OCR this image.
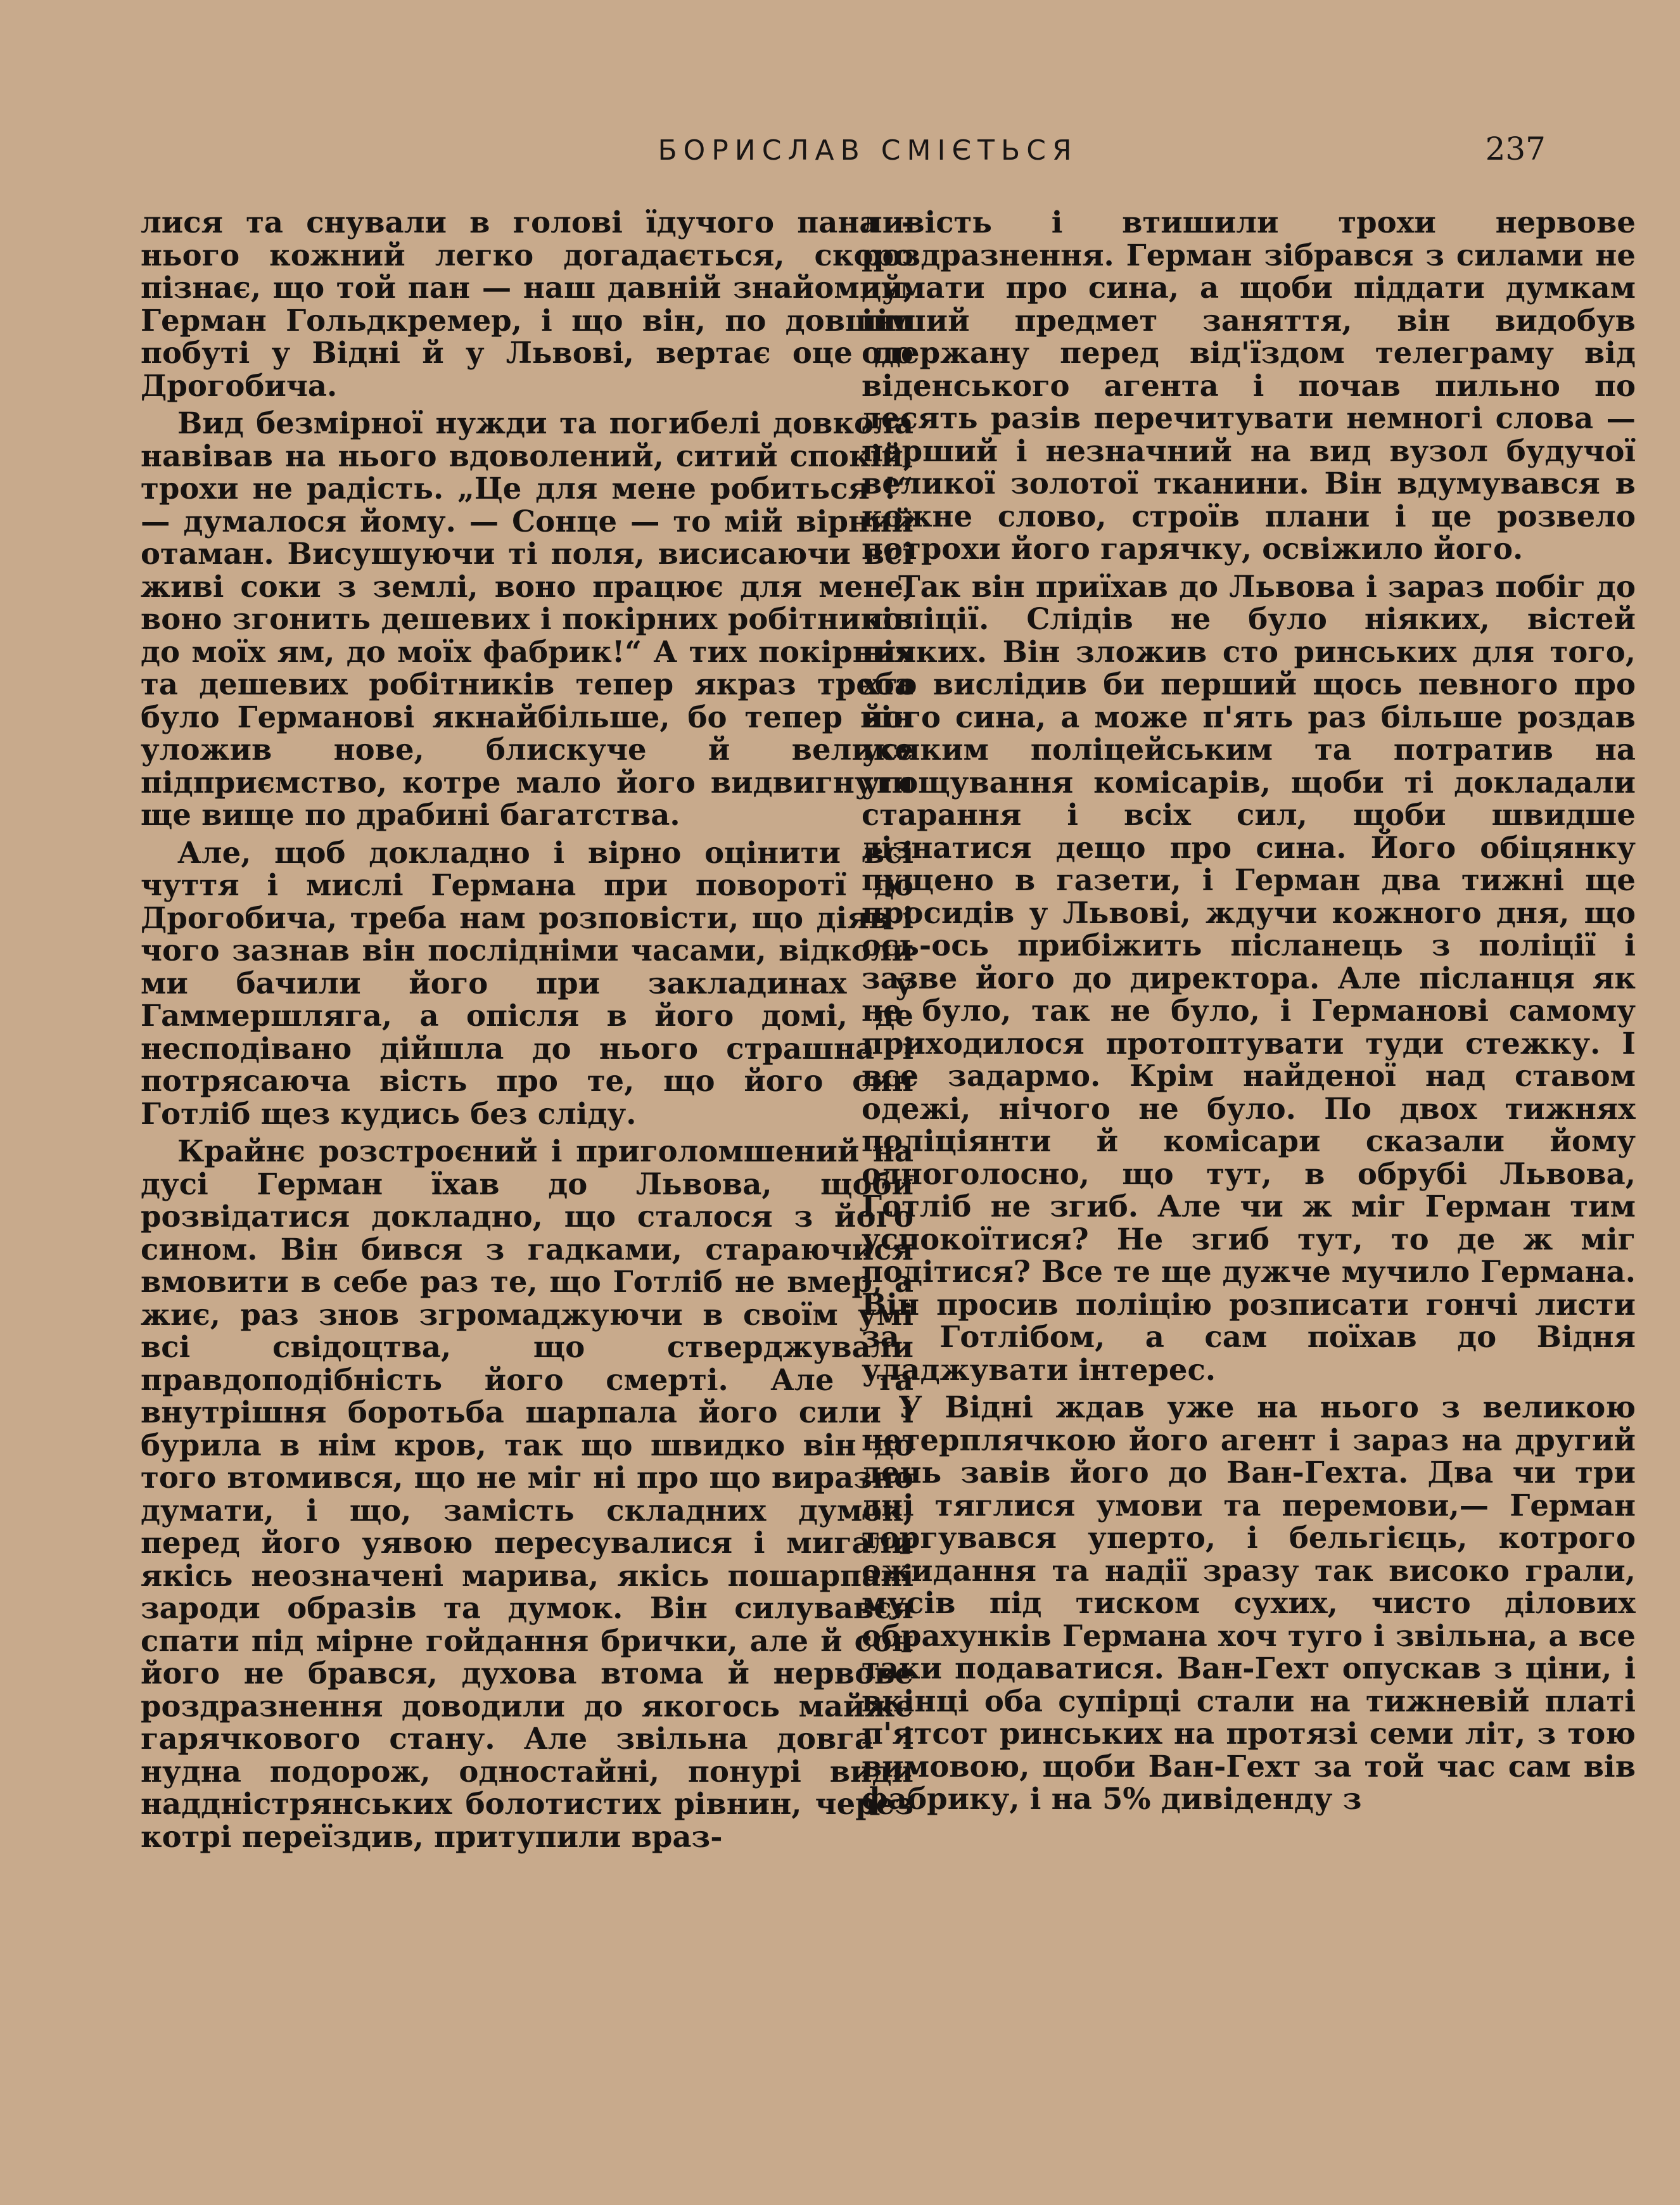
БОРИСЛАВ СМІЄТЬСЯ	237

лися та снували в голові їдучого пана - нього кожний легко догадається, скоро пізнає, що той пан — наш давній знайомий, Герман Гольдкремер, і що він, по довшім побуті у Відні й у Львові, вертає оце до Дрогобича.

Вид безмірної нужди та погибелі довкола навівав на нього вдоволений, ситий спокій, трохи не радість. „Це для мене робиться !“ — думалося йому. — Сонце — то мій вірний отаман. Висушуючи ті поля, висисаючи всі живі соки з землі, воно працює для мене, воно згонить дешевих і покірних робітників до моїх ям, до моїх фабрик!“ А тих покірних та дешевих робітників тепер якраз треба було Германові якнайбільше, бо тепер він уложив нове, блискуче й велике підприємство, котре мало його видвигнути ще вище по драбині багатства.

Але, щоб докладно і вірно оцінити всі чуття і мислі Германа при поворотї до Дрогобича, треба нам розповісти, що діяв і чого зазнав він послідніми часами, відколи ми бачили його при закладинах у Гаммершляга, а опісля в його домі, де несподівано дійшла до нього страшна і потрясаюча вість про те, що його син Готліб щез кудись без сліду.

Крайнє розстроєний і приголомшений на дусі Герман їхав до Львова, щоби розвідатися докладно, що сталося з його сином. Він бився з гадками, стараючися вмовити в себе раз те, що Готліб не вмер, а жиє, раз знов згромаджуючи в своїм умі всі свідоцтва, що стверджували правдоподібність його смерті. Але та внутрішня боротьба шарпала його сили і бурила в нім кров, так що швидко він до того втомився, що не міг ні про що виразно думати, і що, замість складних думок, перед його уявою пересувалися і мигали якісь неозначені марива, якісь пошарпані зароди образів та думок. Він силувався спати під мірне гойдання брички, але й сон його не брався, духова втома й нервове роздразнення доводили до якогось майже гарячкового стану. Але звільна довга і нудна подорож, одностайні, понурі види наддністрянських болотистих рівнин, через котрі переїздив, притупили враз-

ливість і втишили трохи нервове роздразнення. Герман зібрався з силами не думати про сина, а щоби піддати думкам інший предмет заняття, він видобув одержану перед від'їздом телеграму від віденського агента і почав пильно по десять разів перечитувати немногі слова — перший і незначний на вид вузол будучої великої золотої тканини. Він вдумувався в кожне слово, строїв плани і це розвело потрохи його гарячку, освіжило його.

Так він приїхав до Львова і зараз побіг до поліції. Слідів не було ніяких, вістей ніяких. Він зложив сто ринських для того, хто вислідив би перший щось певного про його сина, а може п'ять раз більше роздав усяким поліцейським та потратив на угощування комісарів, щоби ті докладали старання і всіх сил, щоби швидше дізнатися дещо про сина. Його обіцянку пущено в газети, і Герман два тижні ще просидів у Львові, ждучи кожного дня, що ось-ось прибіжить післанець з поліції і зазве його до директора. Але післанця як не було, так не було, і Германові самому приходилося протоптувати туди стежку. І все задармо. Крім найденої над ставом одежі, нічого не було. По двох тижнях поліціянти й комісари сказали йому одноголосно, що тут, в обрубі Львова, Готліб не згиб. Але чи ж міг Герман тим успокоїтися? Не згиб тут, то де ж міг подітися? Все те ще дужче мучило Германа. Він просив поліцію розписати гончі листи за Готлібом, а сам поїхав до Відня уладжувати інтерес.

У Відні ждав уже на нього з великою нетерплячкою його агент і зараз на другий день завів його до Ван-Гехта. Два чи три дні тяглися умови та перемови,— Герман торгувався уперто, і бельгієць, котрого ожидання та надії зразу так високо грали, мусів під тиском сухих, чисто ділових обрахунків Германа хоч туго і звільна, а все таки подаватися. Ван-Гехт опускав з ціни, і вкінці оба супірці стали на тижневій платі п'ятсот ринських на протязі семи літ, з тою вимовою, щоби Ван-Гехт за той час сам вів фабрику, і на 5% дивіденду з
